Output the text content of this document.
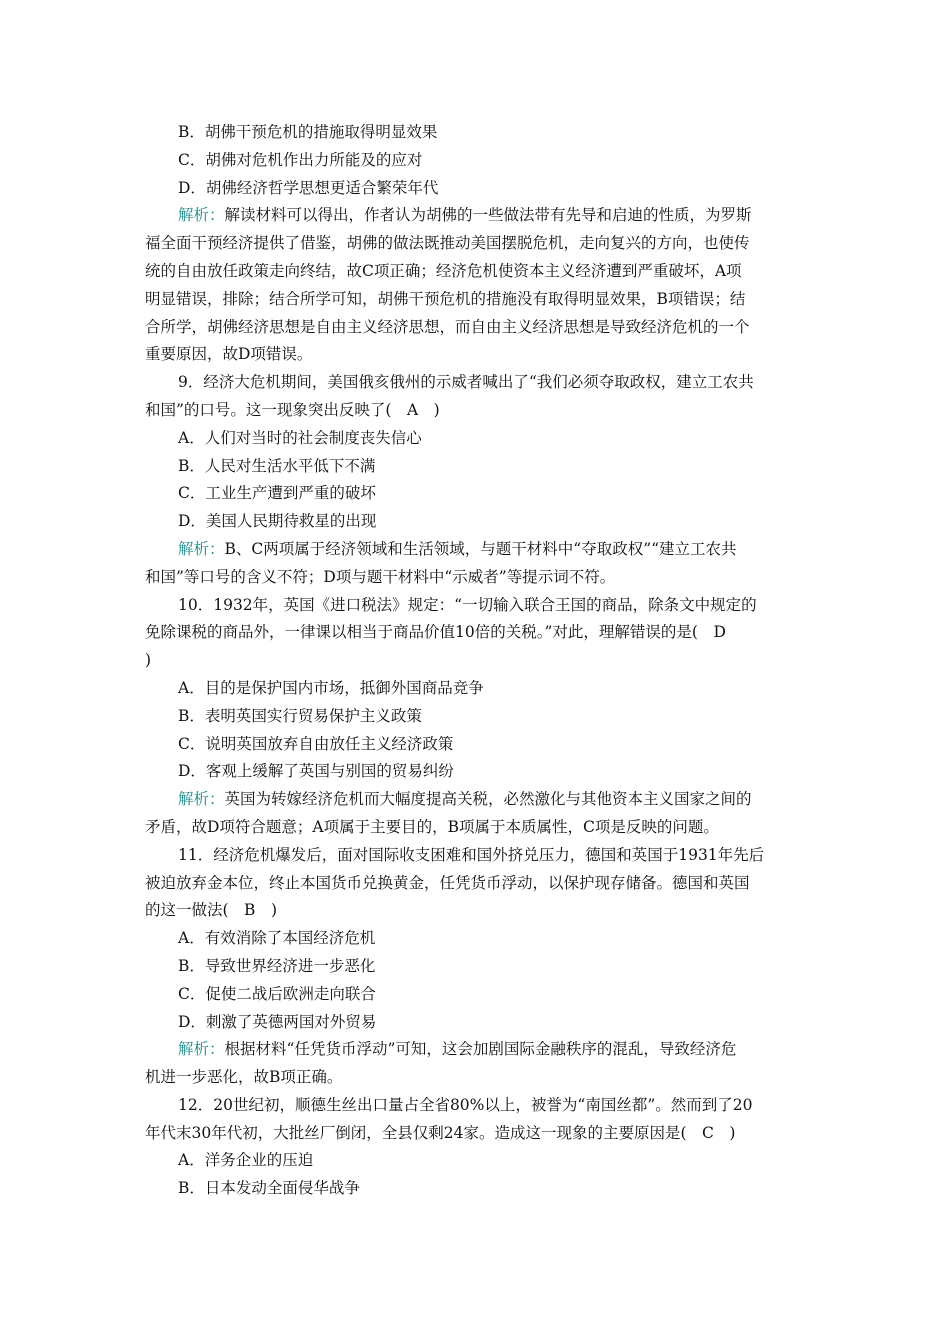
B．胡佛干预危机的措施取得明显效果
C．胡佛对危机作出力所能及的应对
D．胡佛经济哲学思想更适合繁荣年代
解析：解读材料可以得出，作者认为胡佛的一些做法带有先导和启迪的性质，为罗斯
福全面干预经济提供了借鉴，胡佛的做法既推动美国摆脱危机，走向复兴的方向，也使传
统的自由放任政策走向终结，故C项正确；经济危机使资本主义经济遭到严重破坏，A项
明显错误，排除；结合所学可知，胡佛干预危机的措施没有取得明显效果，B项错误；结
合所学，胡佛经济思想是自由主义经济思想，而自由主义经济思想是导致经济危机的一个
重要原因，故D项错误。
9．经济大危机期间，美国俄亥俄州的示威者喊出了“我们必须夺取政权，建立工农共
和国”的口号。这一现象突出反映了(　A　)
A．人们对当时的社会制度丧失信心
B．人民对生活水平低下不满
C．工业生产遭到严重的破坏
D．美国人民期待救星的出现
解析：B、C两项属于经济领域和生活领域，与题干材料中“夺取政权”“建立工农共
和国”等口号的含义不符；D项与题干材料中“示威者”等提示词不符。
10．1932年，英国《进口税法》规定：“一切输入联合王国的商品，除条文中规定的
免除课税的商品外，一律课以相当于商品价值10倍的关税。”对此，理解错误的是(　D
)
A．目的是保护国内市场，抵御外国商品竞争
B．表明英国实行贸易保护主义政策
C．说明英国放弃自由放任主义经济政策
D．客观上缓解了英国与别国的贸易纠纷
解析：英国为转嫁经济危机而大幅度提高关税，必然激化与其他资本主义国家之间的
矛盾，故D项符合题意；A项属于主要目的，B项属于本质属性，C项是反映的问题。
11．经济危机爆发后，面对国际收支困难和国外挤兑压力，德国和英国于1931年先后
被迫放弃金本位，终止本国货币兑换黄金，任凭货币浮动，以保护现存储备。德国和英国
的这一做法(　B　)
A．有效消除了本国经济危机
B．导致世界经济进一步恶化
C．促使二战后欧洲走向联合
D．刺激了英德两国对外贸易
解析：根据材料“任凭货币浮动”可知，这会加剧国际金融秩序的混乱，导致经济危
机进一步恶化，故B项正确。
12．20世纪初，顺德生丝出口量占全省80%以上，被誉为“南国丝都”。然而到了20
年代末30年代初，大批丝厂倒闭，全县仅剩24家。造成这一现象的主要原因是(　C　)
A．洋务企业的压迫
B．日本发动全面侵华战争
